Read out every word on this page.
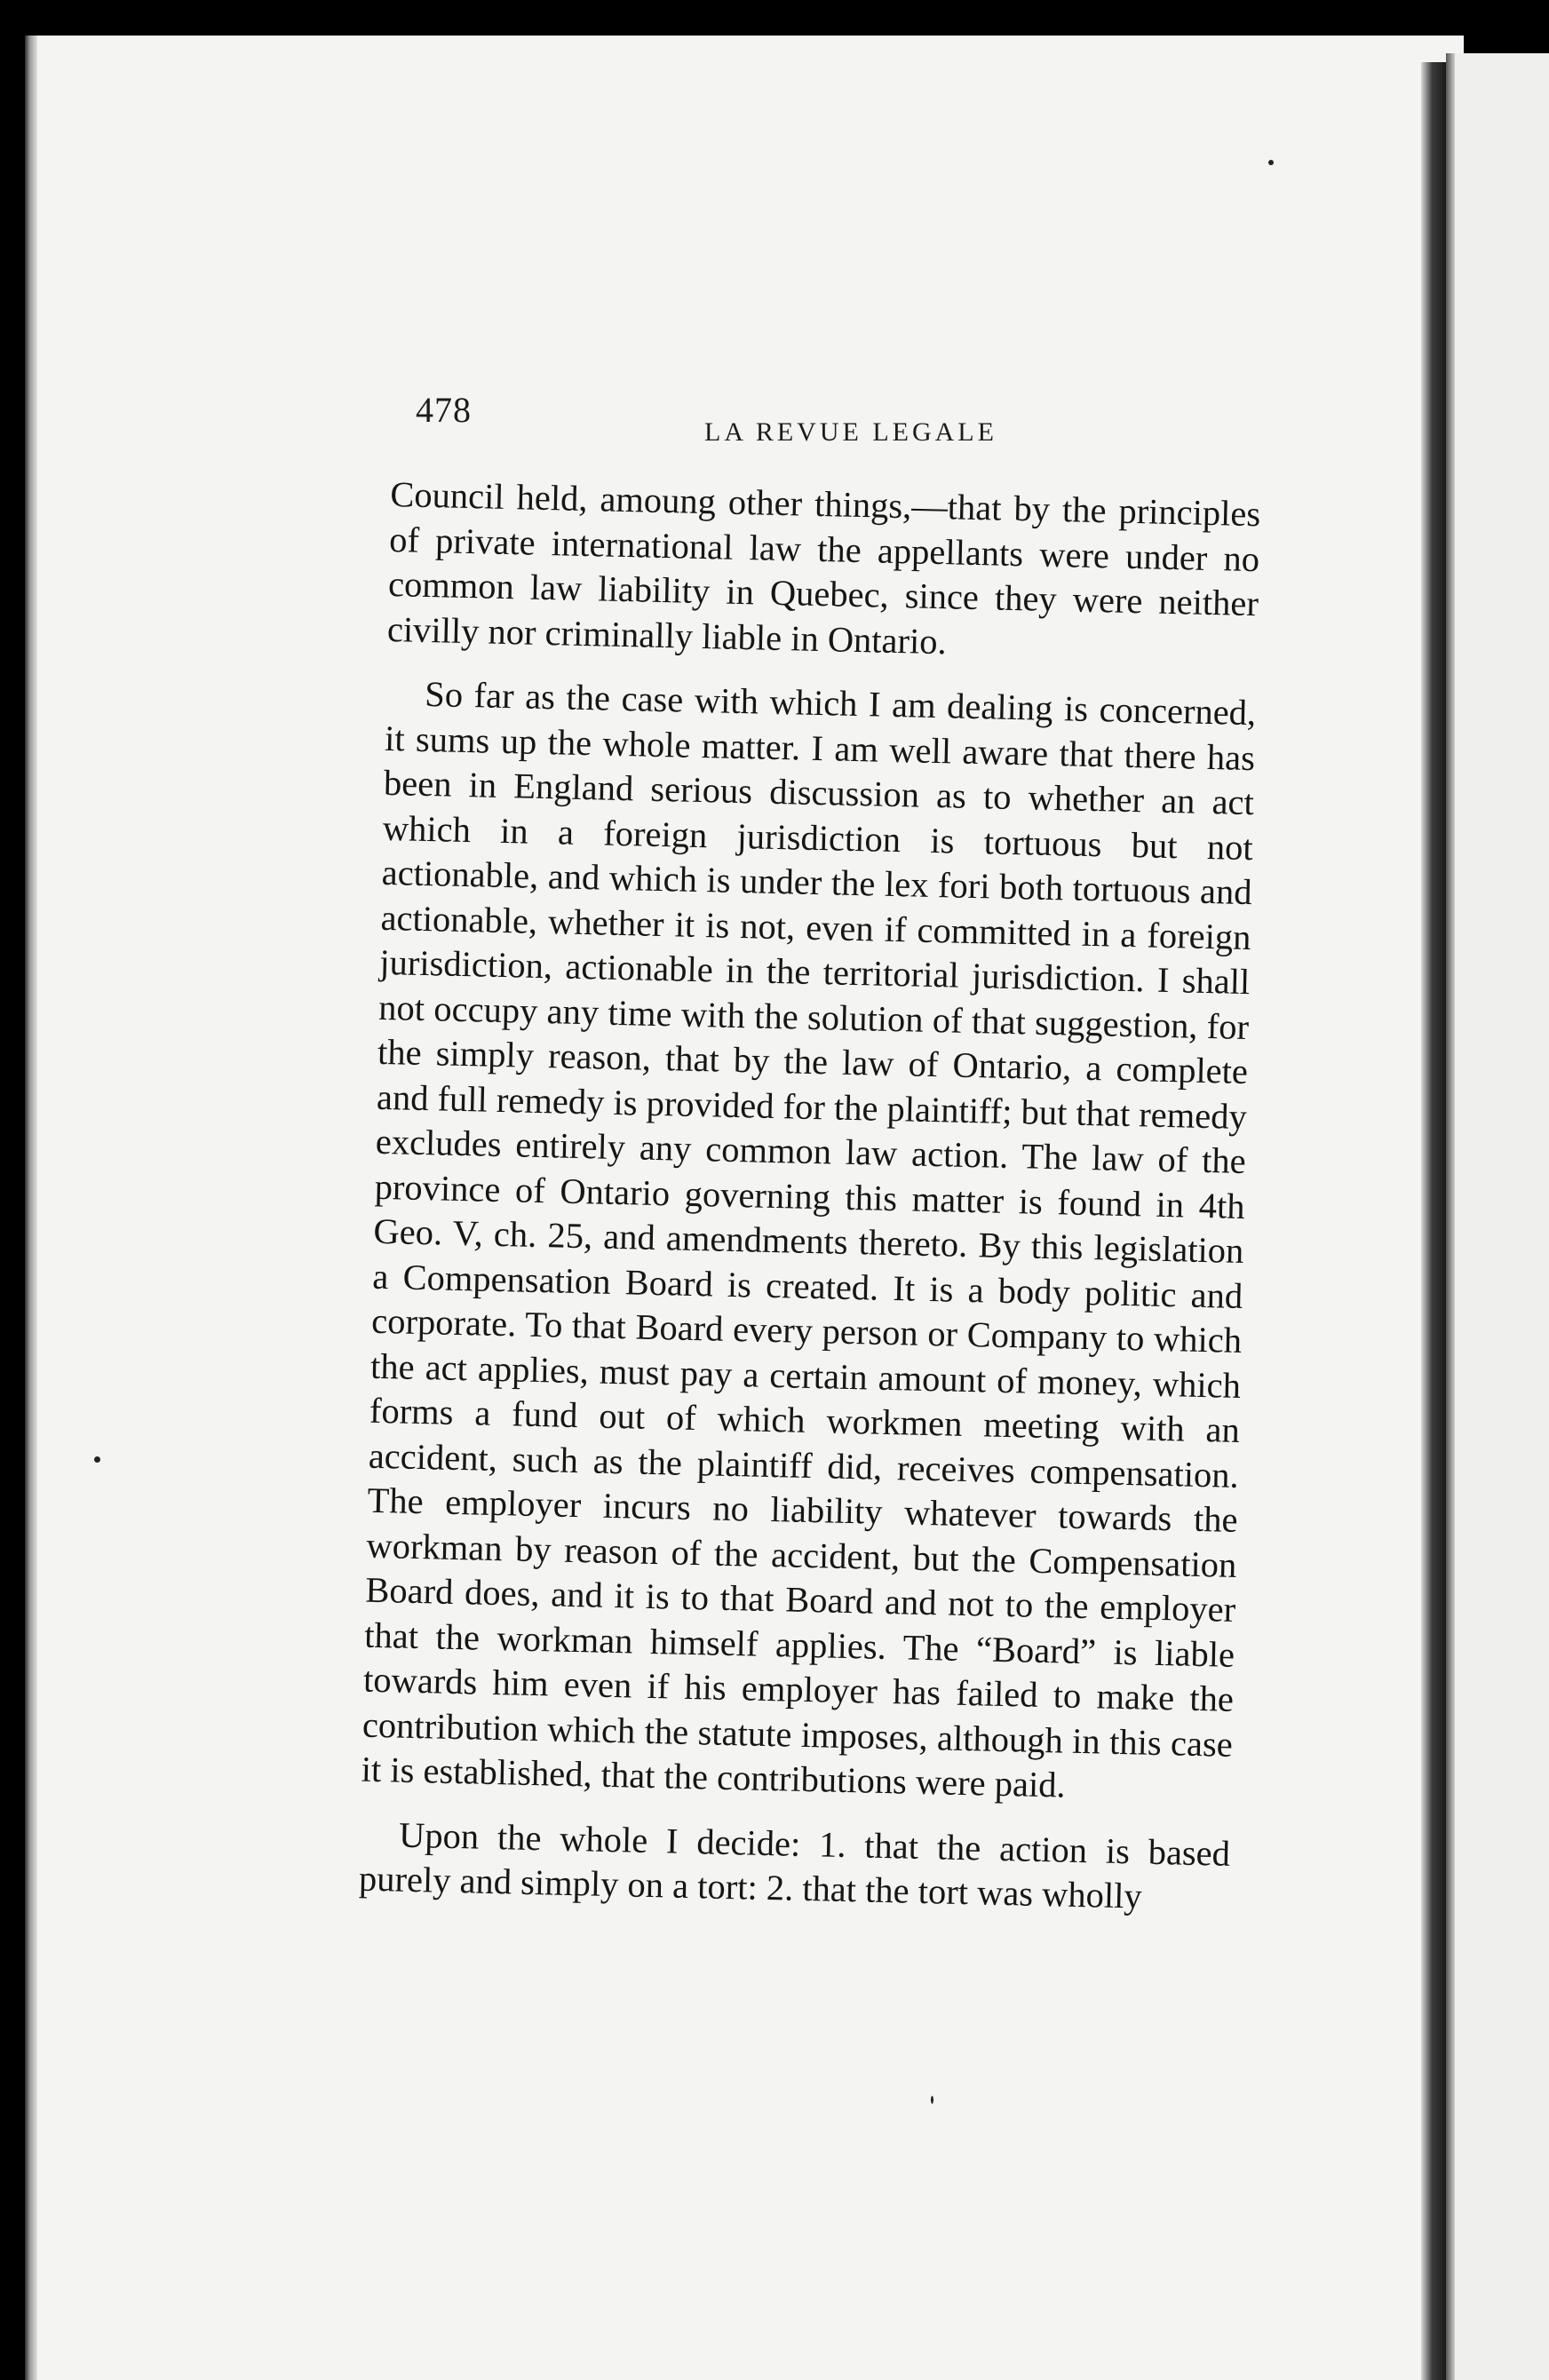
478
LA REVUE LEGALE

Council held, amoung other things,—that by the principles of private international law the appellants were under no common law liability in Quebec, since they were neither civilly nor criminally liable in Ontario.

So far as the case with which I am dealing is concerned, it sums up the whole matter. I am well aware that there has been in England serious discussion as to whether an act which in a foreign jurisdiction is tortuous but not actionable, and which is under the lex fori both tortuous and actionable, whether it is not, even if committed in a foreign jurisdiction, actionable in the territorial jurisdiction. I shall not occupy any time with the solution of that suggestion, for the simply reason, that by the law of Ontario, a complete and full remedy is provided for the plaintiff; but that remedy excludes entirely any common law action. The law of the province of Ontario governing this matter is found in 4th Geo. V, ch. 25, and amendments thereto. By this legislation a Compensation Board is created. It is a body politic and corporate. To that Board every person or Company to which the act applies, must pay a certain amount of money, which forms a fund out of which workmen meeting with an accident, such as the plaintiff did, receives compensation. The employer incurs no liability whatever towards the workman by reason of the accident, but the Compensation Board does, and it is to that Board and not to the employer that the workman himself applies. The “Board” is liable towards him even if his employer has failed to make the contribution which the statute imposes, although in this case it is established, that the contributions were paid.

Upon the whole I decide: 1. that the action is based purely and simply on a tort: 2. that the tort was wholly
